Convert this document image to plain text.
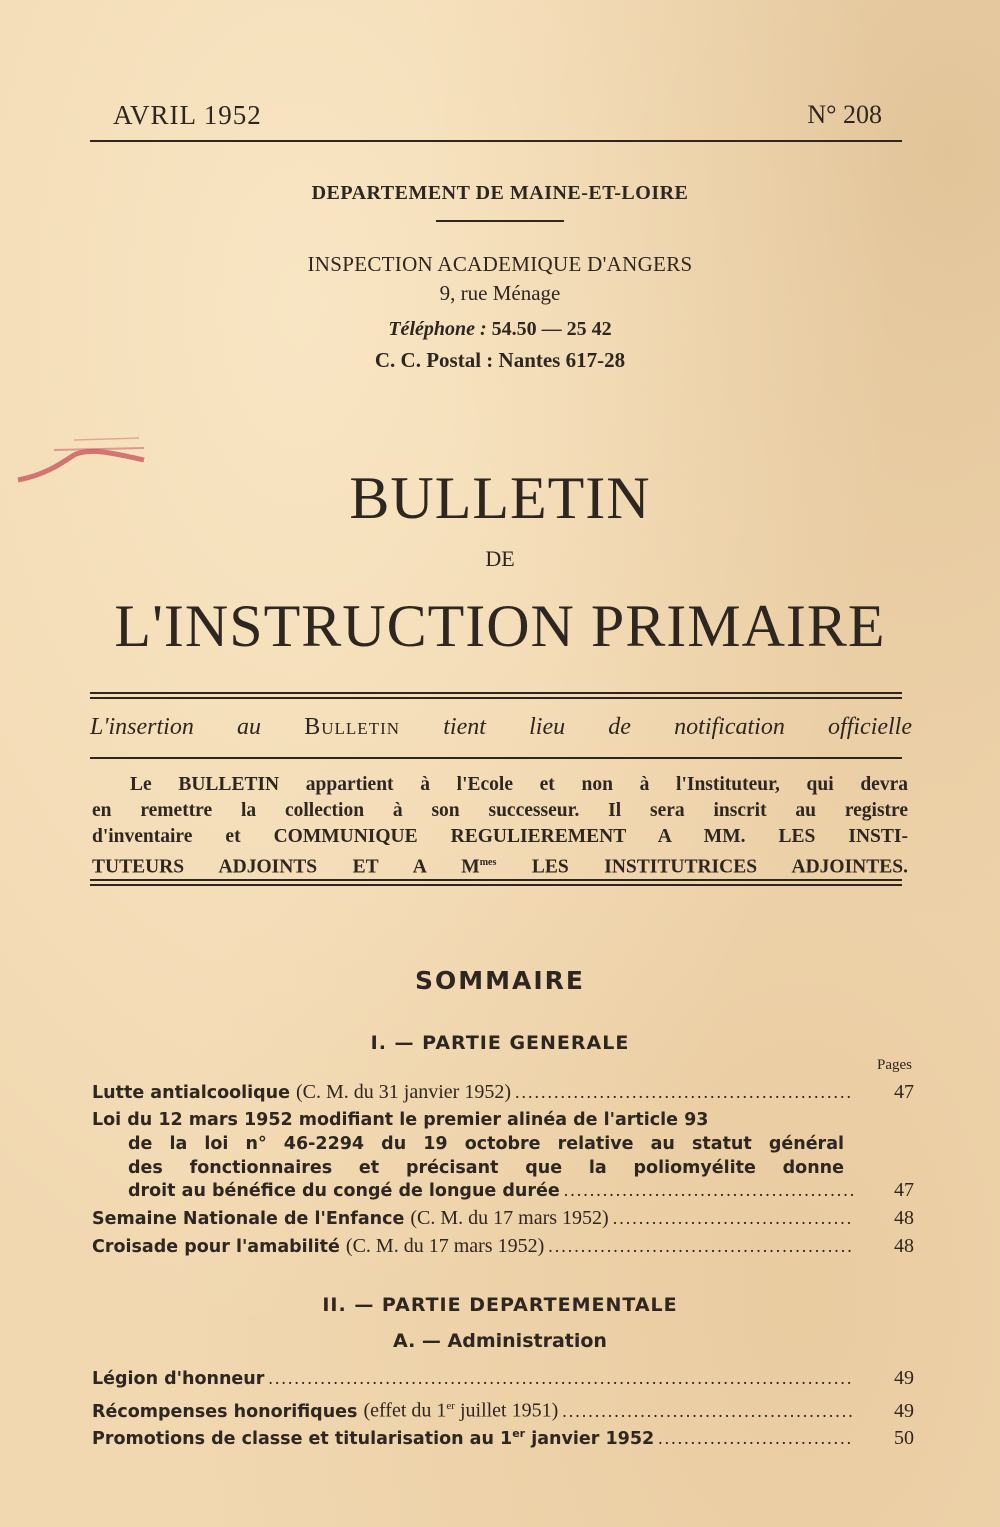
AVRIL 1952	N° 208
DEPARTEMENT DE MAINE-ET-LOIRE
INSPECTION ACADEMIQUE D'ANGERS
9, rue Ménage
Téléphone : 54.50 — 25 42
C. C. Postal : Nantes 617-28
BULLETIN
DE
L'INSTRUCTION PRIMAIRE
L'insertion au Bulletin tient lieu de notification officielle
Le BULLETIN appartient à l'Ecole et non à l'Instituteur, qui devra
en remettre la collection à son successeur. Il sera inscrit au registre
d'inventaire et COMMUNIQUE REGULIEREMENT A MM. LES INSTI-
TUTEURS ADJOINTS ET A $M^{mes}$ LES INSTITUTRICES ADJOINTES.
SOMMAIRE
I. — PARTIE GENERALE
Pages
Lutte antialcoolique (C. M. du 31 janvier 1952) .....	47
Loi du 12 mars 1952 modifiant le premier alinéa de l'article 93
de la loi n° 46-2294 du 19 octobre relative au statut général
des fonctionnaires et précisant que la poliomyélite donne
droit au bénéfice du congé de longue durée .....	47
Semaine Nationale de l'Enfance (C. M. du 17 mars 1952) .....	48
Croisade pour l'amabilité (C. M. du 17 mars 1952) .....	48
II. — PARTIE DEPARTEMENTALE
A. — Administration
Légion d'honneur .....	49
Récompenses honorifiques (effet du 1er juillet 1951) .....	49
Promotions de classe et titularisation au 1er janvier 1952 .....	50
